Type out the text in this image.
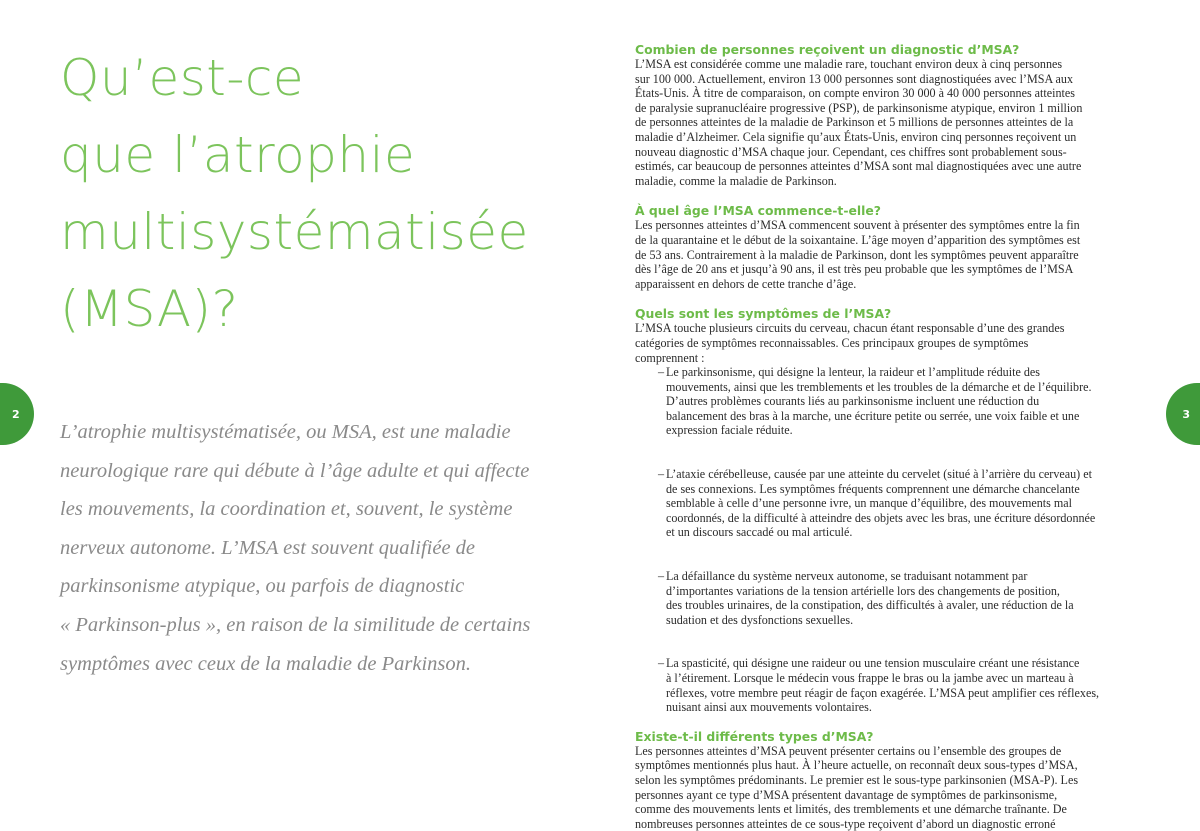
Qu’est-ce
que l’atrophie
multisystématisée
(MSA)?
2

L’atrophie multisystématisée, ou MSA, est une maladie
neurologique rare qui débute à l’âge adulte et qui affecte
les mouvements, la coordination et, souvent, le système
nerveux autonome. L’MSA est souvent qualifiée de
parkinsonisme atypique, ou parfois de diagnostic
« Parkinson-plus », en raison de la similitude de certains
symptômes avec ceux de la maladie de Parkinson.

3
Combien de personnes reçoivent un diagnostic d’MSA?

L’MSA est considérée comme une maladie rare, touchant environ deux à cinq personnes
sur 100 000. Actuellement, environ 13 000 personnes sont diagnostiquées avec l’MSA aux
États-Unis. À titre de comparaison, on compte environ 30 000 à 40 000 personnes atteintes
de paralysie supranucléaire progressive (PSP), de parkinsonisme atypique, environ 1 million
de personnes atteintes de la maladie de Parkinson et 5 millions de personnes atteintes de la
maladie d’Alzheimer. Cela signifie qu’aux États-Unis, environ cinq personnes reçoivent un
nouveau diagnostic d’MSA chaque jour. Cependant, ces chiffres sont probablement sous-
estimés, car beaucoup de personnes atteintes d’MSA sont mal diagnostiquées avec une autre
maladie, comme la maladie de Parkinson.

À quel âge l’MSA commence-t-elle?

Les personnes atteintes d’MSA commencent souvent à présenter des symptômes entre la fin
de la quarantaine et le début de la soixantaine. L’âge moyen d’apparition des symptômes est
de 53 ans. Contrairement à la maladie de Parkinson, dont les symptômes peuvent apparaître
dès l’âge de 20 ans et jusqu’à 90 ans, il est très peu probable que les symptômes de l’MSA
apparaissent en dehors de cette tranche d’âge.

Quels sont les symptômes de l’MSA?

L’MSA touche plusieurs circuits du cerveau, chacun étant responsable d’une des grandes
catégories de symptômes reconnaissables. Ces principaux groupes de symptômes
comprennent :

– Le parkinsonisme, qui désigne la lenteur, la raideur et l’amplitude réduite des
mouvements, ainsi que les tremblements et les troubles de la démarche et de l’équilibre.
D’autres problèmes courants liés au parkinsonisme incluent une réduction du
balancement des bras à la marche, une écriture petite ou serrée, une voix faible et une
expression faciale réduite.
– L’ataxie cérébelleuse, causée par une atteinte du cervelet (situé à l’arrière du cerveau) et
de ses connexions. Les symptômes fréquents comprennent une démarche chancelante
semblable à celle d’une personne ivre, un manque d’équilibre, des mouvements mal
coordonnés, de la difficulté à atteindre des objets avec les bras, une écriture désordonnée
et un discours saccadé ou mal articulé.
– La défaillance du système nerveux autonome, se traduisant notamment par
d’importantes variations de la tension artérielle lors des changements de position,
des troubles urinaires, de la constipation, des difficultés à avaler, une réduction de la
sudation et des dysfonctions sexuelles.
– La spasticité, qui désigne une raideur ou une tension musculaire créant une résistance
à l’étirement. Lorsque le médecin vous frappe le bras ou la jambe avec un marteau à
réflexes, votre membre peut réagir de façon exagérée. L’MSA peut amplifier ces réflexes,
nuisant ainsi aux mouvements volontaires.
Existe-t-il différents types d’MSA?

Les personnes atteintes d’MSA peuvent présenter certains ou l’ensemble des groupes de
symptômes mentionnés plus haut. À l’heure actuelle, on reconnaît deux sous-types d’MSA,
selon les symptômes prédominants. Le premier est le sous-type parkinsonien (MSA-P). Les
personnes ayant ce type d’MSA présentent davantage de symptômes de parkinsonisme,
comme des mouvements lents et limités, des tremblements et une démarche traînante. De
nombreuses personnes atteintes de ce sous-type reçoivent d’abord un diagnostic erroné
